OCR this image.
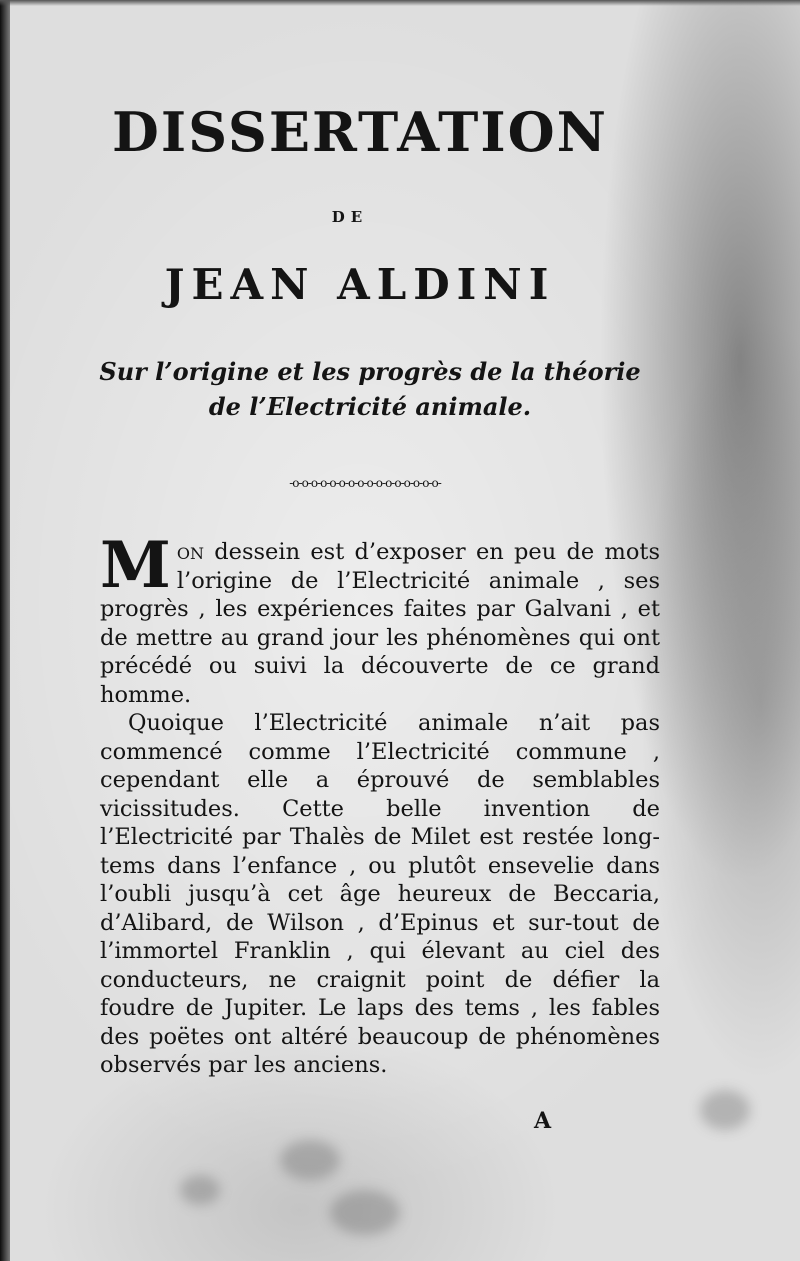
DISSERTATION
DE
JEAN ALDINI
Sur l’origine et les progrès de la théorie
de l’Electricité animale.
-o-o-o-o-o-o-o-o-o-o-o-o-o-o-o-o-

Mon dessein est d’exposer en peu de mots l’origine de l’Electricité animale , ses progrès , les expériences faites par Galvani , et de mettre au grand jour les phénomènes qui ont précédé ou suivi la découverte de ce grand homme.

Quoique l’Electricité animale n’ait pas commencé comme l’Electricité commune , cependant elle a éprouvé de semblables vicissitudes. Cette belle invention de l’Electricité par Thalès de Milet est restée long-tems dans l’enfance , ou plutôt ensevelie dans l’oubli jusqu’à cet âge heureux de Beccaria, d’Alibard, de Wilson , d’Epinus et sur-tout de l’immortel Franklin , qui élevant au ciel des conducteurs, ne craignit point de défier la foudre de Jupiter. Le laps des tems , les fables des poëtes ont altéré beaucoup de phénomènes observés par les anciens.

A
